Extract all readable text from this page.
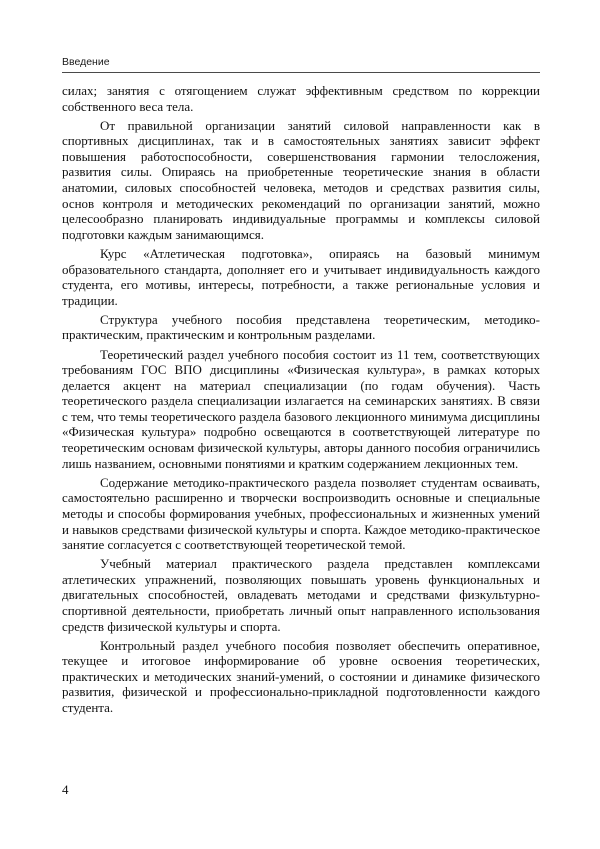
Введение

силах; занятия с отягощением служат эффективным средством по коррекции собственного веса тела.

От правильной организации занятий силовой направленности как в спортивных дисциплинах, так и в самостоятельных занятиях зависит эффект повышения работоспособности, совершенствования гармонии телосложения, развития силы. Опираясь на приобретенные теоретические знания в области анатомии, силовых способностей человека, методов и средствах развития силы, основ контроля и методических рекомендаций по организации занятий, можно целесообразно планировать индивидуальные программы и комплексы силовой подготовки каждым занимающимся.

Курс «Атлетическая подготовка», опираясь на базовый минимум образовательного стандарта, дополняет его и учитывает индивидуальность каждого студента, его мотивы, интересы, потребности, а также региональные условия и традиции.

Структура учебного пособия представлена теоретическим, методико-практическим, практическим и контрольным разделами.

Теоретический раздел учебного пособия состоит из 11 тем, соответствующих требованиям ГОС ВПО дисциплины «Физическая культура», в рамках которых делается акцент на материал специализации (по годам обучения). Часть теоретического раздела специализации излагается на семинарских занятиях. В связи с тем, что темы теоретического раздела базового лекционного минимума дисциплины «Физическая культура» подробно освещаются в соответствующей литературе по теоретическим основам физической культуры, авторы данного пособия ограничились лишь названием, основными понятиями и кратким содержанием лекционных тем.

Содержание методико-практического раздела позволяет студентам осваивать, самостоятельно расширенно и творчески воспроизводить основные и специальные методы и способы формирования учебных, профессиональных и жизненных умений и навыков средствами физической культуры и спорта. Каждое методико-практическое занятие согласуется с соответствующей теоретической темой.

Учебный материал практического раздела представлен комплексами атлетических упражнений, позволяющих повышать уровень функциональных и двигательных способностей, овладевать методами и средствами физкультурно-спортивной деятельности, приобретать личный опыт направленного использования средств физической культуры и спорта.

Контрольный раздел учебного пособия позволяет обеспечить оперативное, текущее и итоговое информирование об уровне освоения теоретических, практических и методических знаний-умений, о состоянии и динамике физического развития, физической и профессионально-прикладной подготовленности каждого студента.

4
